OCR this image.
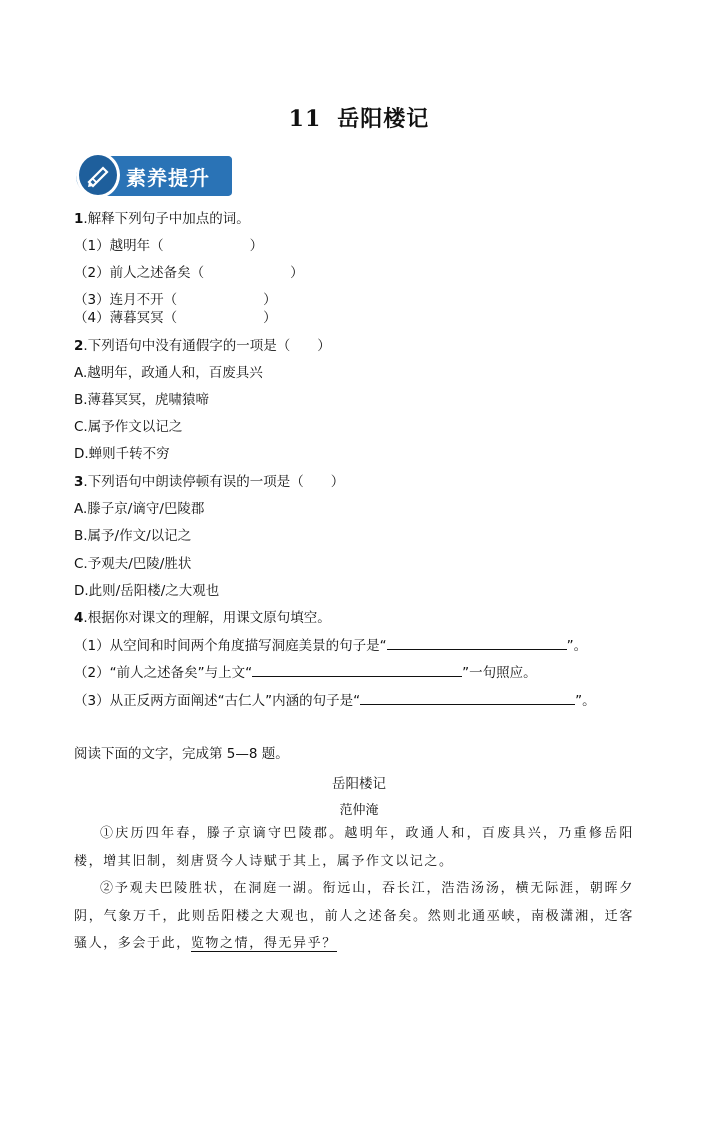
11 岳阳楼记
素养提升
1.解释下列句子中加点的词。
（1）越明年（	）
（2）前人之述备矣（	）
（3）连月不开（	）
（4）薄暮冥冥（	）
2.下列语句中没有通假字的一项是（　　）
A.越明年，政通人和，百废具兴
B.薄暮冥冥，虎啸猿啼
C.属予作文以记之
D.蝉则千转不穷
3.下列语句中朗读停顿有误的一项是（　　）
A.滕子京/谪守/巴陵郡
B.属予/作文/以记之
C.予观夫/巴陵/胜状
D.此则/岳阳楼/之大观也
4.根据你对课文的理解，用课文原句填空。
（1）从空间和时间两个角度描写洞庭美景的句子是“	”。
（2）“前人之述备矣”与上文“	”一句照应。
（3）从正反两方面阐述“古仁人”内涵的句子是“	”。
阅读下面的文字，完成第 5—8 题。
岳阳楼记
范仲淹

①庆历四年春，滕子京谪守巴陵郡。越明年，政通人和，百废具兴，乃重修岳阳楼，增其旧制，刻唐贤今人诗赋于其上，属予作文以记之。

②予观夫巴陵胜状，在洞庭一湖。衔远山，吞长江，浩浩汤汤，横无际涯，朝晖夕阴，气象万千，此则岳阳楼之大观也，前人之述备矣。然则北通巫峡，南极潇湘，迁客骚人，多会于此，览物之情，得无异乎？
